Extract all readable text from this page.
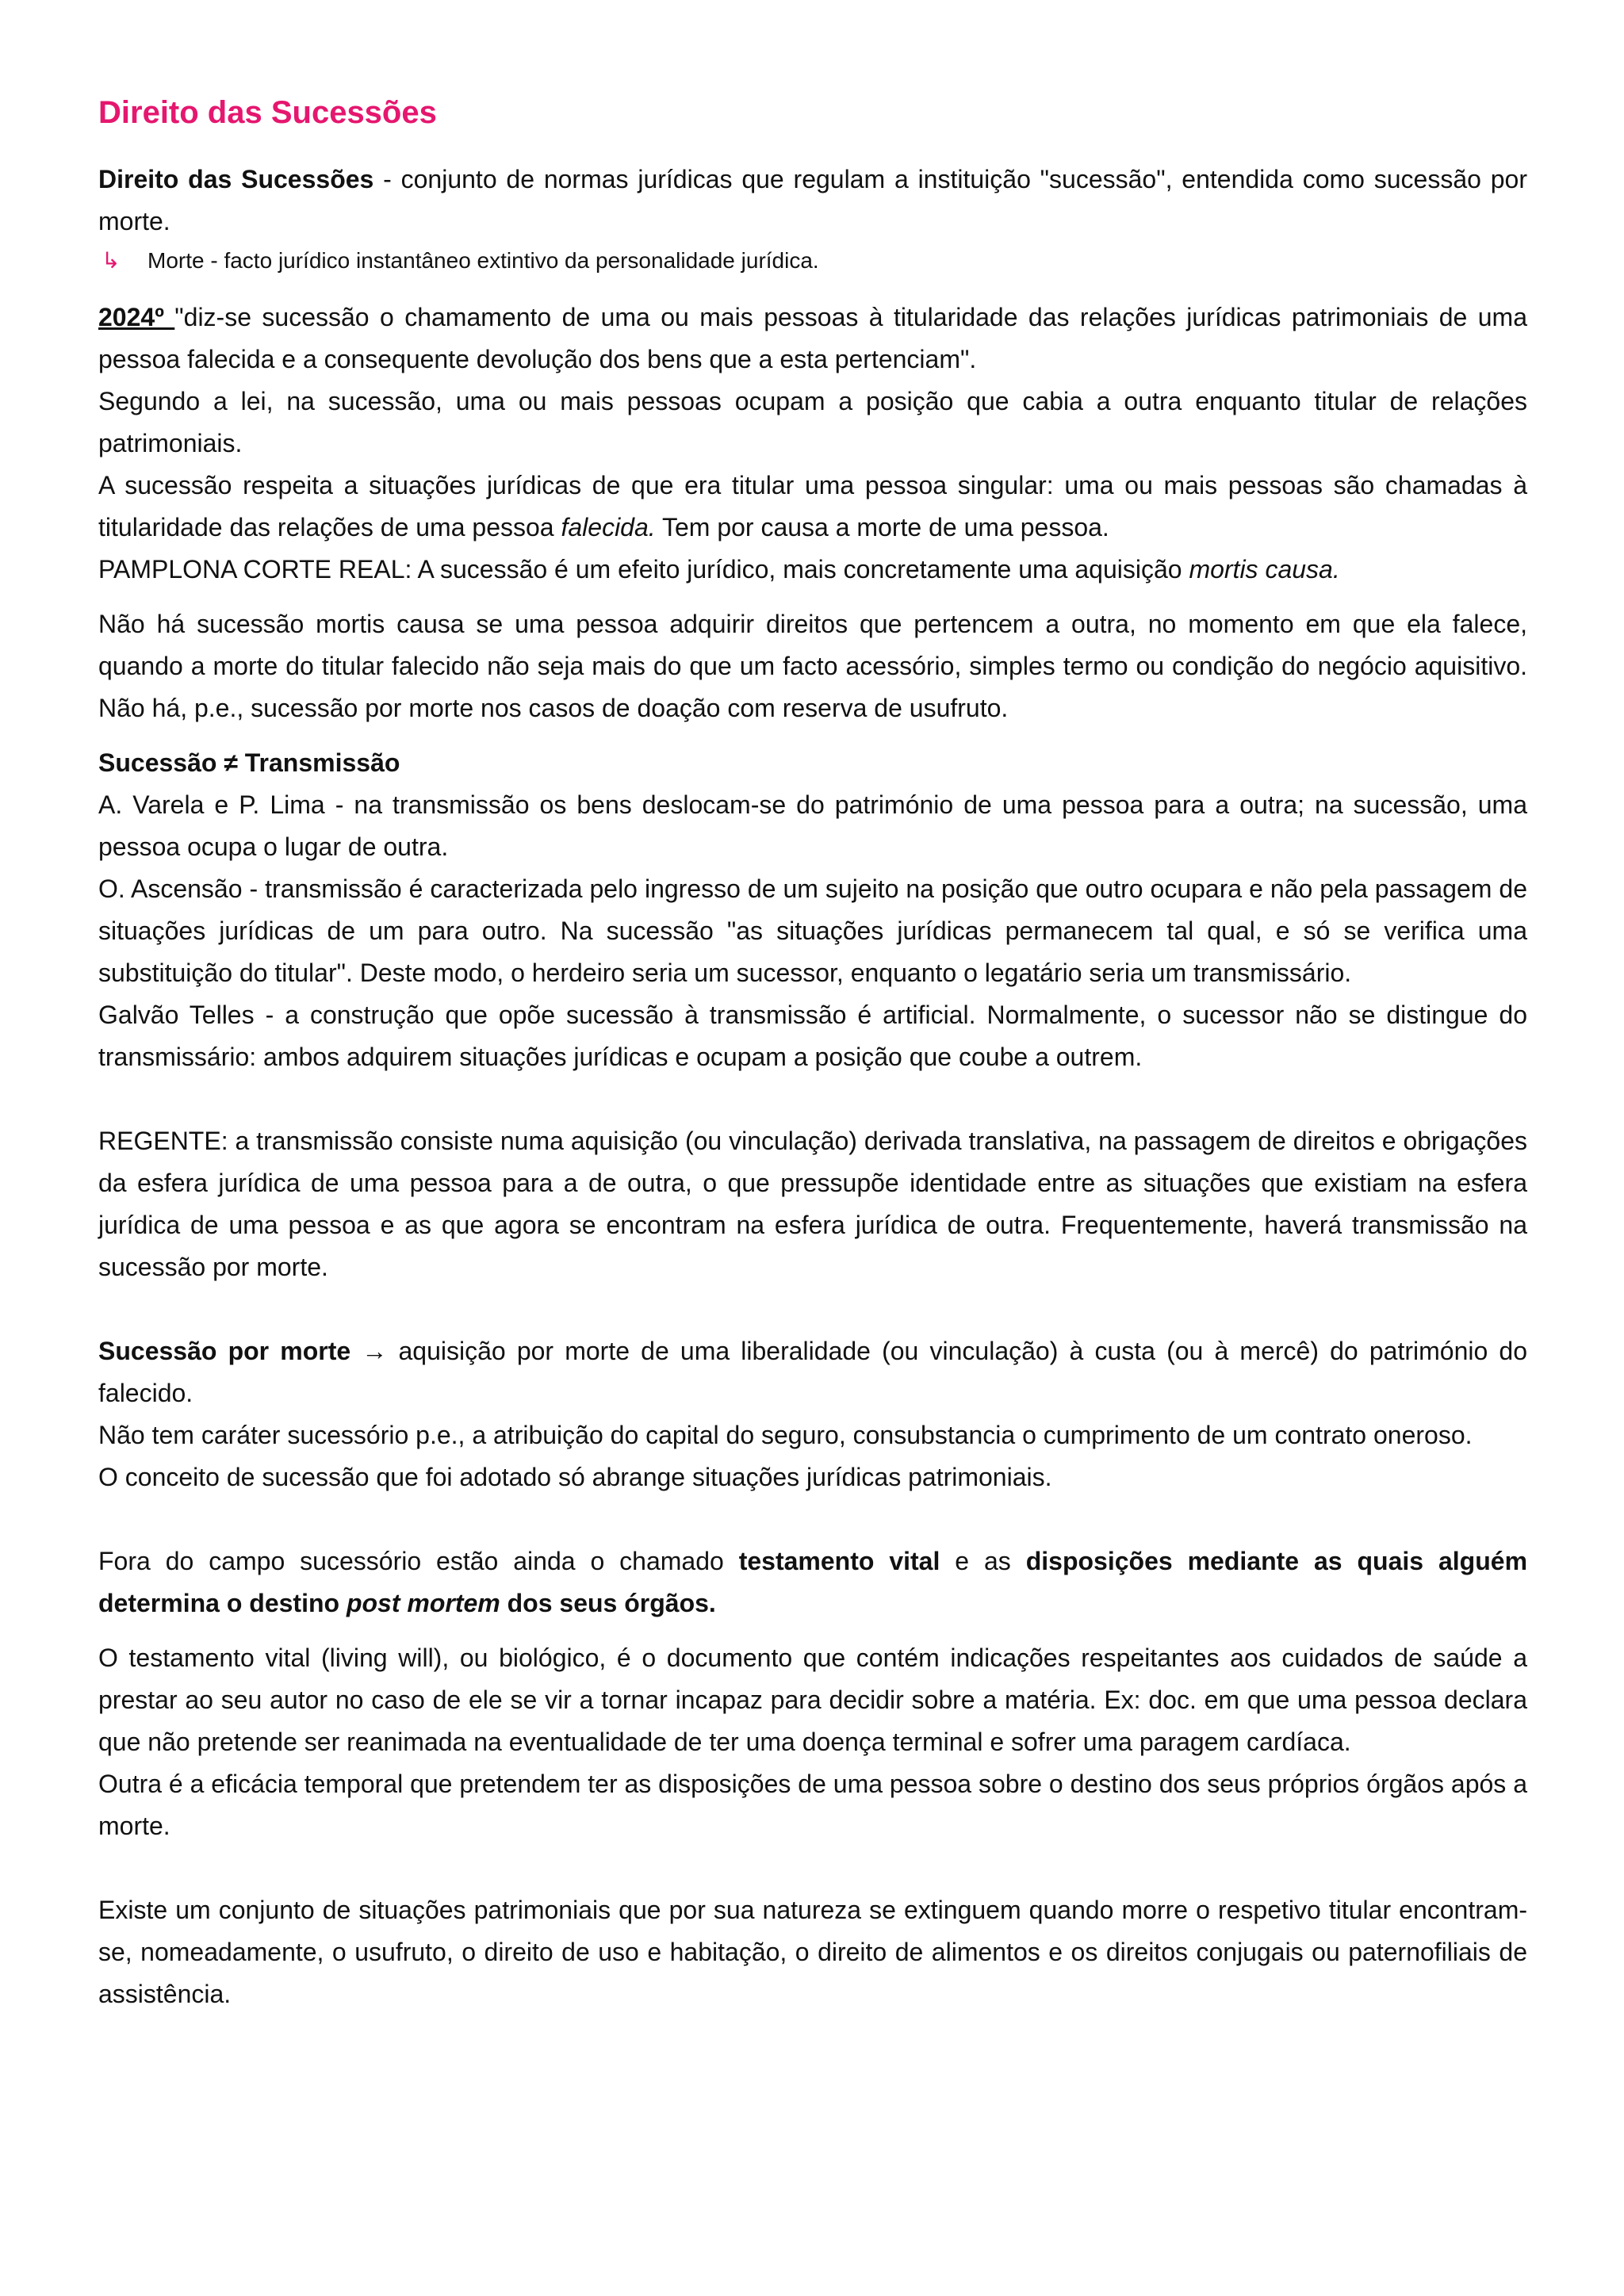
Direito das Sucessões

Direito das Sucessões - conjunto de normas jurídicas que regulam a instituição "sucessão", entendida como sucessão por morte.

↳ Morte - facto jurídico instantâneo extintivo da personalidade jurídica.

2024º "diz-se sucessão o chamamento de uma ou mais pessoas à titularidade das relações jurídicas patrimoniais de uma pessoa falecida e a consequente devolução dos bens que a esta pertenciam".

Segundo a lei, na sucessão, uma ou mais pessoas ocupam a posição que cabia a outra enquanto titular de relações patrimoniais.

A sucessão respeita a situações jurídicas de que era titular uma pessoa singular: uma ou mais pessoas são chamadas à titularidade das relações de uma pessoa falecida. Tem por causa a morte de uma pessoa.

PAMPLONA CORTE REAL: A sucessão é um efeito jurídico, mais concretamente uma aquisição mortis causa.

Não há sucessão mortis causa se uma pessoa adquirir direitos que pertencem a outra, no momento em que ela falece, quando a morte do titular falecido não seja mais do que um facto acessório, simples termo ou condição do negócio aquisitivo. Não há, p.e., sucessão por morte nos casos de doação com reserva de usufruto.

Sucessão ≠ Transmissão

A. Varela e P. Lima - na transmissão os bens deslocam-se do património de uma pessoa para a outra; na sucessão, uma pessoa ocupa o lugar de outra.

O. Ascensão - transmissão é caracterizada pelo ingresso de um sujeito na posição que outro ocupara e não pela passagem de situações jurídicas de um para outro. Na sucessão "as situações jurídicas permanecem tal qual, e só se verifica uma substituição do titular". Deste modo, o herdeiro seria um sucessor, enquanto o legatário seria um transmissário.

Galvão Telles - a construção que opõe sucessão à transmissão é artificial. Normalmente, o sucessor não se distingue do transmissário: ambos adquirem situações jurídicas e ocupam a posição que coube a outrem.

REGENTE: a transmissão consiste numa aquisição (ou vinculação) derivada translativa, na passagem de direitos e obrigações da esfera jurídica de uma pessoa para a de outra, o que pressupõe identidade entre as situações que existiam na esfera jurídica de uma pessoa e as que agora se encontram na esfera jurídica de outra. Frequentemente, haverá transmissão na sucessão por morte.

Sucessão por morte → aquisição por morte de uma liberalidade (ou vinculação) à custa (ou à mercê) do património do falecido.

Não tem caráter sucessório p.e., a atribuição do capital do seguro, consubstancia o cumprimento de um contrato oneroso.

O conceito de sucessão que foi adotado só abrange situações jurídicas patrimoniais.

Fora do campo sucessório estão ainda o chamado testamento vital e as disposições mediante as quais alguém determina o destino post mortem dos seus órgãos.

O testamento vital (living will), ou biológico, é o documento que contém indicações respeitantes aos cuidados de saúde a prestar ao seu autor no caso de ele se vir a tornar incapaz para decidir sobre a matéria. Ex: doc. em que uma pessoa declara que não pretende ser reanimada na eventualidade de ter uma doença terminal e sofrer uma paragem cardíaca.

Outra é a eficácia temporal que pretendem ter as disposições de uma pessoa sobre o destino dos seus próprios órgãos após a morte.

Existe um conjunto de situações patrimoniais que por sua natureza se extinguem quando morre o respetivo titular encontram-se, nomeadamente, o usufruto, o direito de uso e habitação, o direito de alimentos e os direitos conjugais ou paternofiliais de assistência.
